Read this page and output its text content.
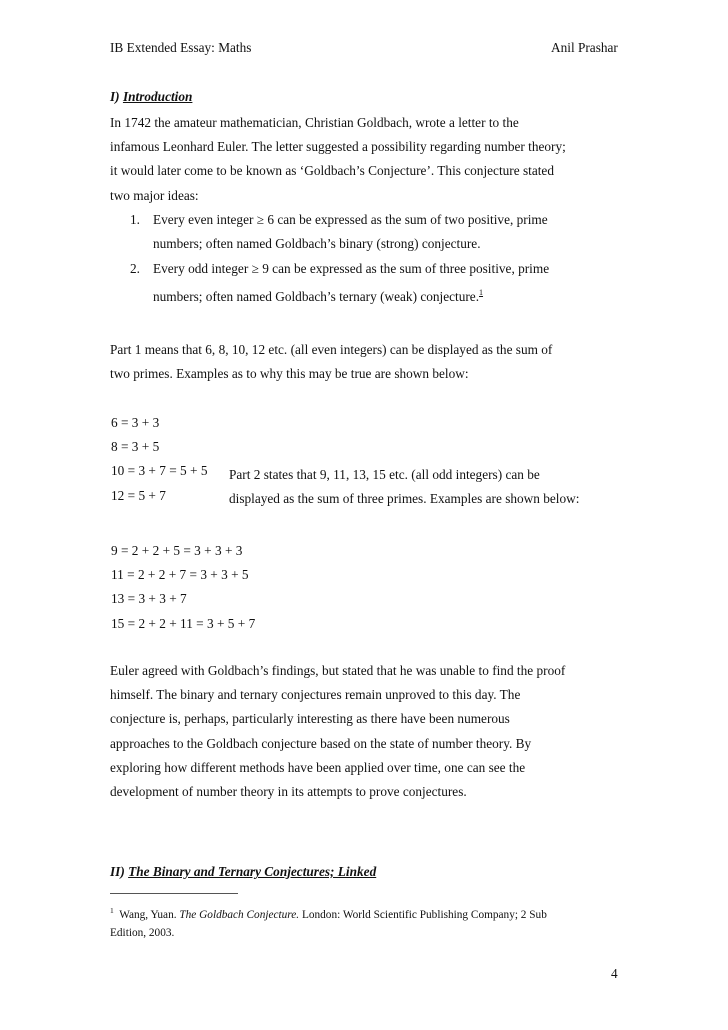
IB Extended Essay: Maths	Anil Prashar
I) Introduction
In 1742 the amateur mathematician, Christian Goldbach, wrote a letter to the
infamous Leonhard Euler. The letter suggested a possibility regarding number theory;
it would later come to be known as ‘Goldbach’s Conjecture’. This conjecture stated
two major ideas:
1. Every even integer ≥ 6 can be expressed as the sum of two positive, prime
numbers; often named Goldbach’s binary (strong) conjecture.
2. Every odd integer ≥ 9 can be expressed as the sum of three positive, prime
numbers; often named Goldbach’s ternary (weak) conjecture.$^1$
Part 1 means that 6, 8, 10, 12 etc. (all even integers) can be displayed as the sum of
two primes. Examples as to why this may be true are shown below:
6 = 3 + 3
8 = 3 + 5
10 = 3 + 7 = 5 + 5
12 = 5 + 7
Part 2 states that 9, 11, 13, 15 etc. (all odd integers) can be
displayed as the sum of three primes. Examples are shown below:
9 = 2 + 2 + 5 = 3 + 3 + 3
11 = 2 + 2 + 7 = 3 + 3 + 5
13 = 3 + 3 + 7
15 = 2 + 2 + 11 = 3 + 5 + 7
Euler agreed with Goldbach’s findings, but stated that he was unable to find the proof
himself. The binary and ternary conjectures remain unproved to this day. The
conjecture is, perhaps, particularly interesting as there have been numerous
approaches to the Goldbach conjecture based on the state of number theory. By
exploring how different methods have been applied over time, one can see the
development of number theory in its attempts to prove conjectures.
II) The Binary and Ternary Conjectures; Linked
$^1$ Wang, Yuan. The Goldbach Conjecture. London: World Scientific Publishing Company; 2 Sub
Edition, 2003.
4
